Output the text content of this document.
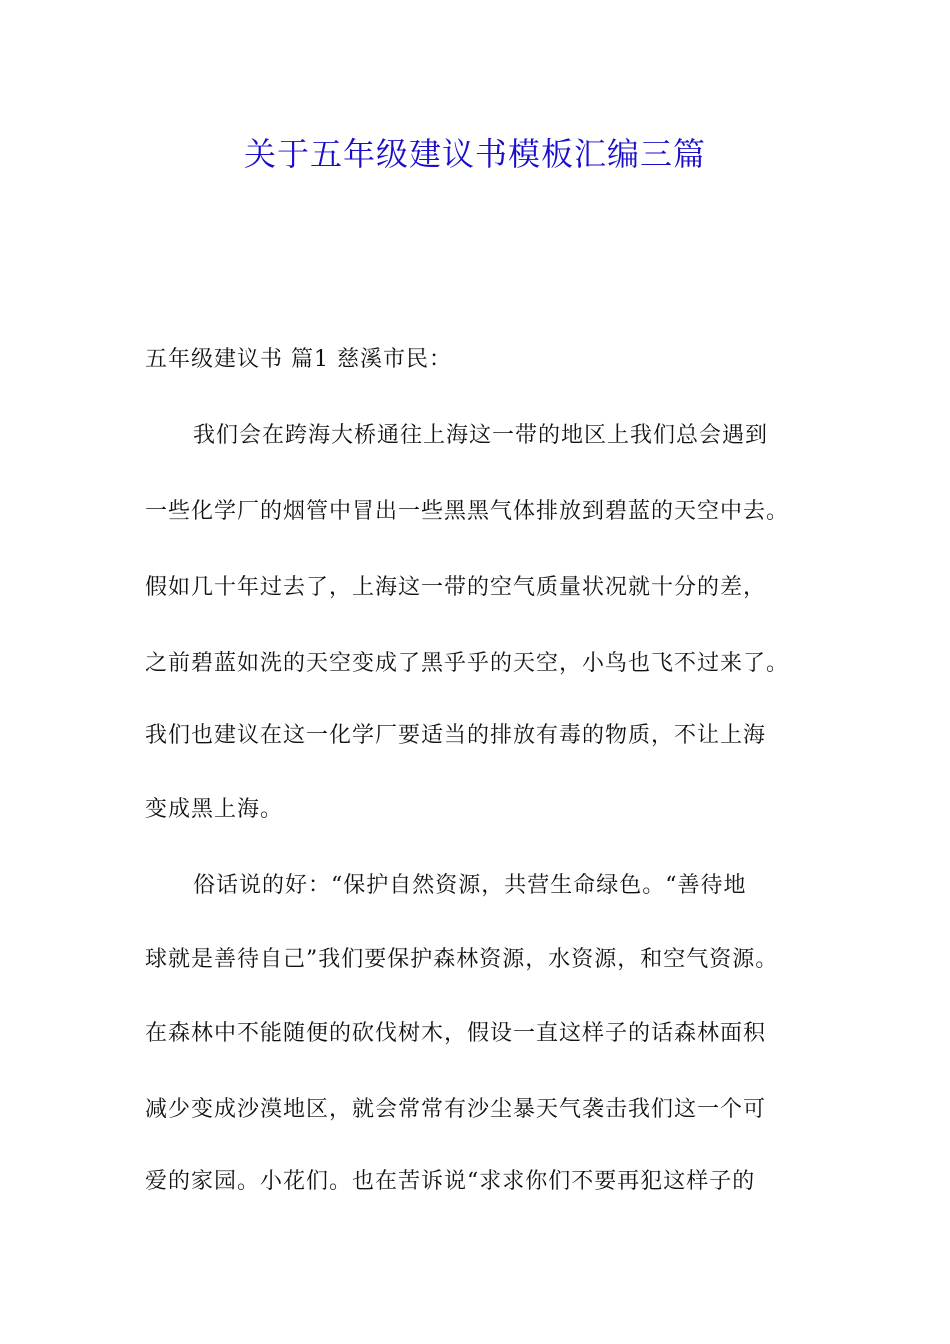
关于五年级建议书模板汇编三篇
五年级建议书 篇1 慈溪市民：
我们会在跨海大桥通往上海这一带的地区上我们总会遇到
一些化学厂的烟管中冒出一些黑黑气体排放到碧蓝的天空中去。
假如几十年过去了，上海这一带的空气质量状况就十分的差，
之前碧蓝如洗的天空变成了黑乎乎的天空，小鸟也飞不过来了。
我们也建议在这一化学厂要适当的排放有毒的物质，不让上海
变成黑上海。
俗话说的好：“保护自然资源，共营生命绿色。“善待地
球就是善待自己”我们要保护森林资源，水资源，和空气资源。
在森林中不能随便的砍伐树木，假设一直这样子的话森林面积
减少变成沙漠地区，就会常常有沙尘暴天气袭击我们这一个可
爱的家园。小花们。也在苦诉说“求求你们不要再犯这样子的
